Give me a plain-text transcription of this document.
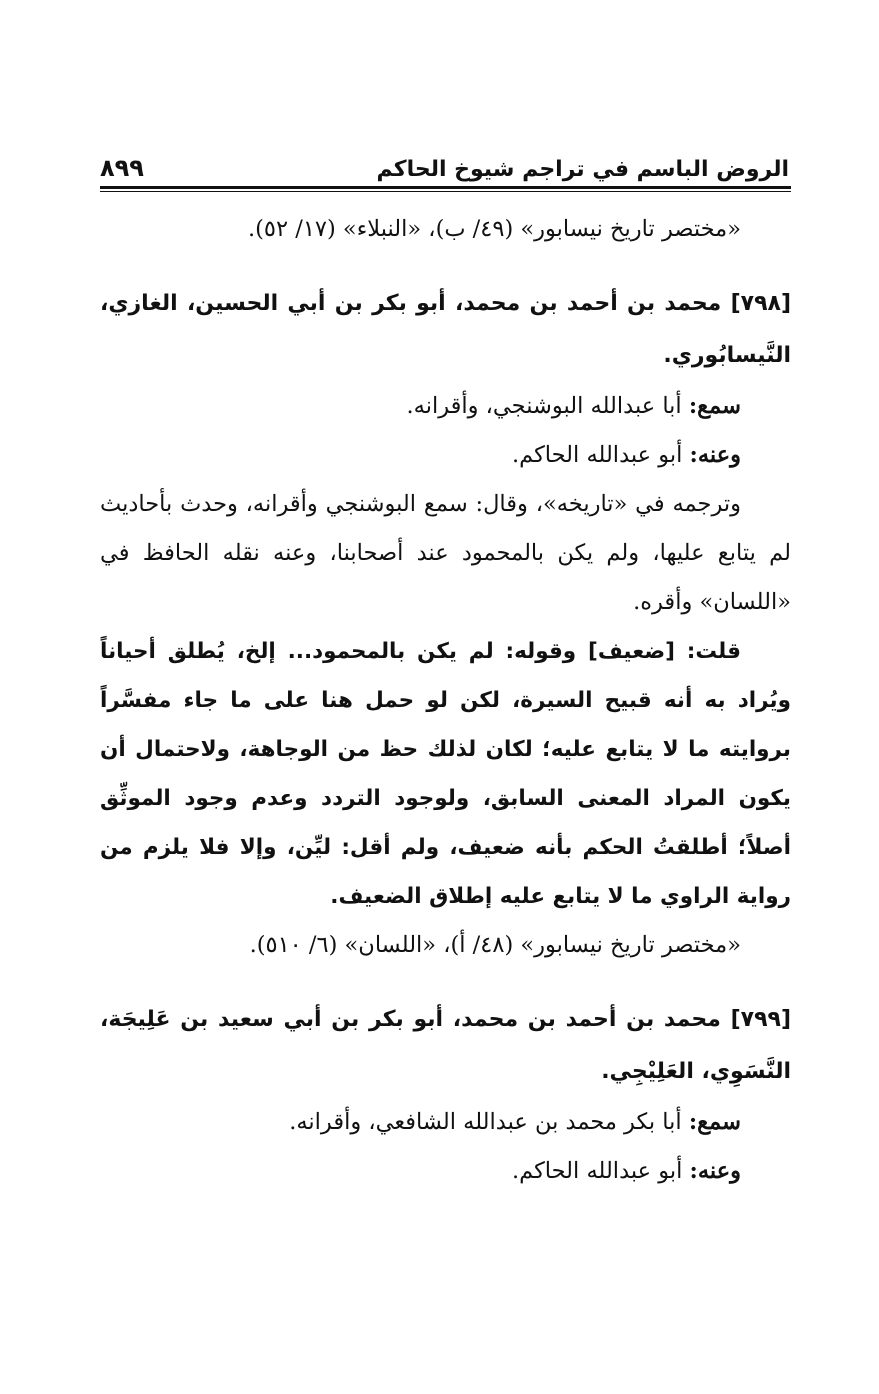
الروض الباسم في تراجم شيوخ الحاكم
٨٩٩

«مختصر تاريخ نيسابور» (٤٩/ ب)، «النبلاء» (١٧/ ٥٢).

[٧٩٨] محمد بن أحمد بن محمد، أبو بكر بن أبي الحسين، الغازي، النَّيسابُوري.

سمع: أبا عبدالله البوشنجي، وأقرانه.

وعنه: أبو عبدالله الحاكم.

وترجمه في «تاريخه»، وقال: سمع البوشنجي وأقرانه، وحدث بأحاديث لم يتابع عليها، ولم يكن بالمحمود عند أصحابنا، وعنه نقله الحافظ في «اللسان» وأقره.

قلت: [ضعيف] وقوله: لم يكن بالمحمود... إلخ، يُطلق أحياناً ويُراد به أنه قبيح السيرة، لكن لو حمل هنا على ما جاء مفسَّراً بروايته ما لا يتابع عليه؛ لكان لذلك حظ من الوجاهة، ولاحتمال أن يكون المراد المعنى السابق، ولوجود التردد وعدم وجود الموثِّق أصلاً؛ أطلقتُ الحكم بأنه ضعيف، ولم أقل: ليِّن، وإلا فلا يلزم من رواية الراوي ما لا يتابع عليه إطلاق الضعيف.

«مختصر تاريخ نيسابور» (٤٨/ أ)، «اللسان» (٦/ ٥١٠).

[٧٩٩] محمد بن أحمد بن محمد، أبو بكر بن أبي سعيد بن عَلِيجَة، النَّسَوِي، العَلِيْجِي.

سمع: أبا بكر محمد بن عبدالله الشافعي، وأقرانه.

وعنه: أبو عبدالله الحاكم.
